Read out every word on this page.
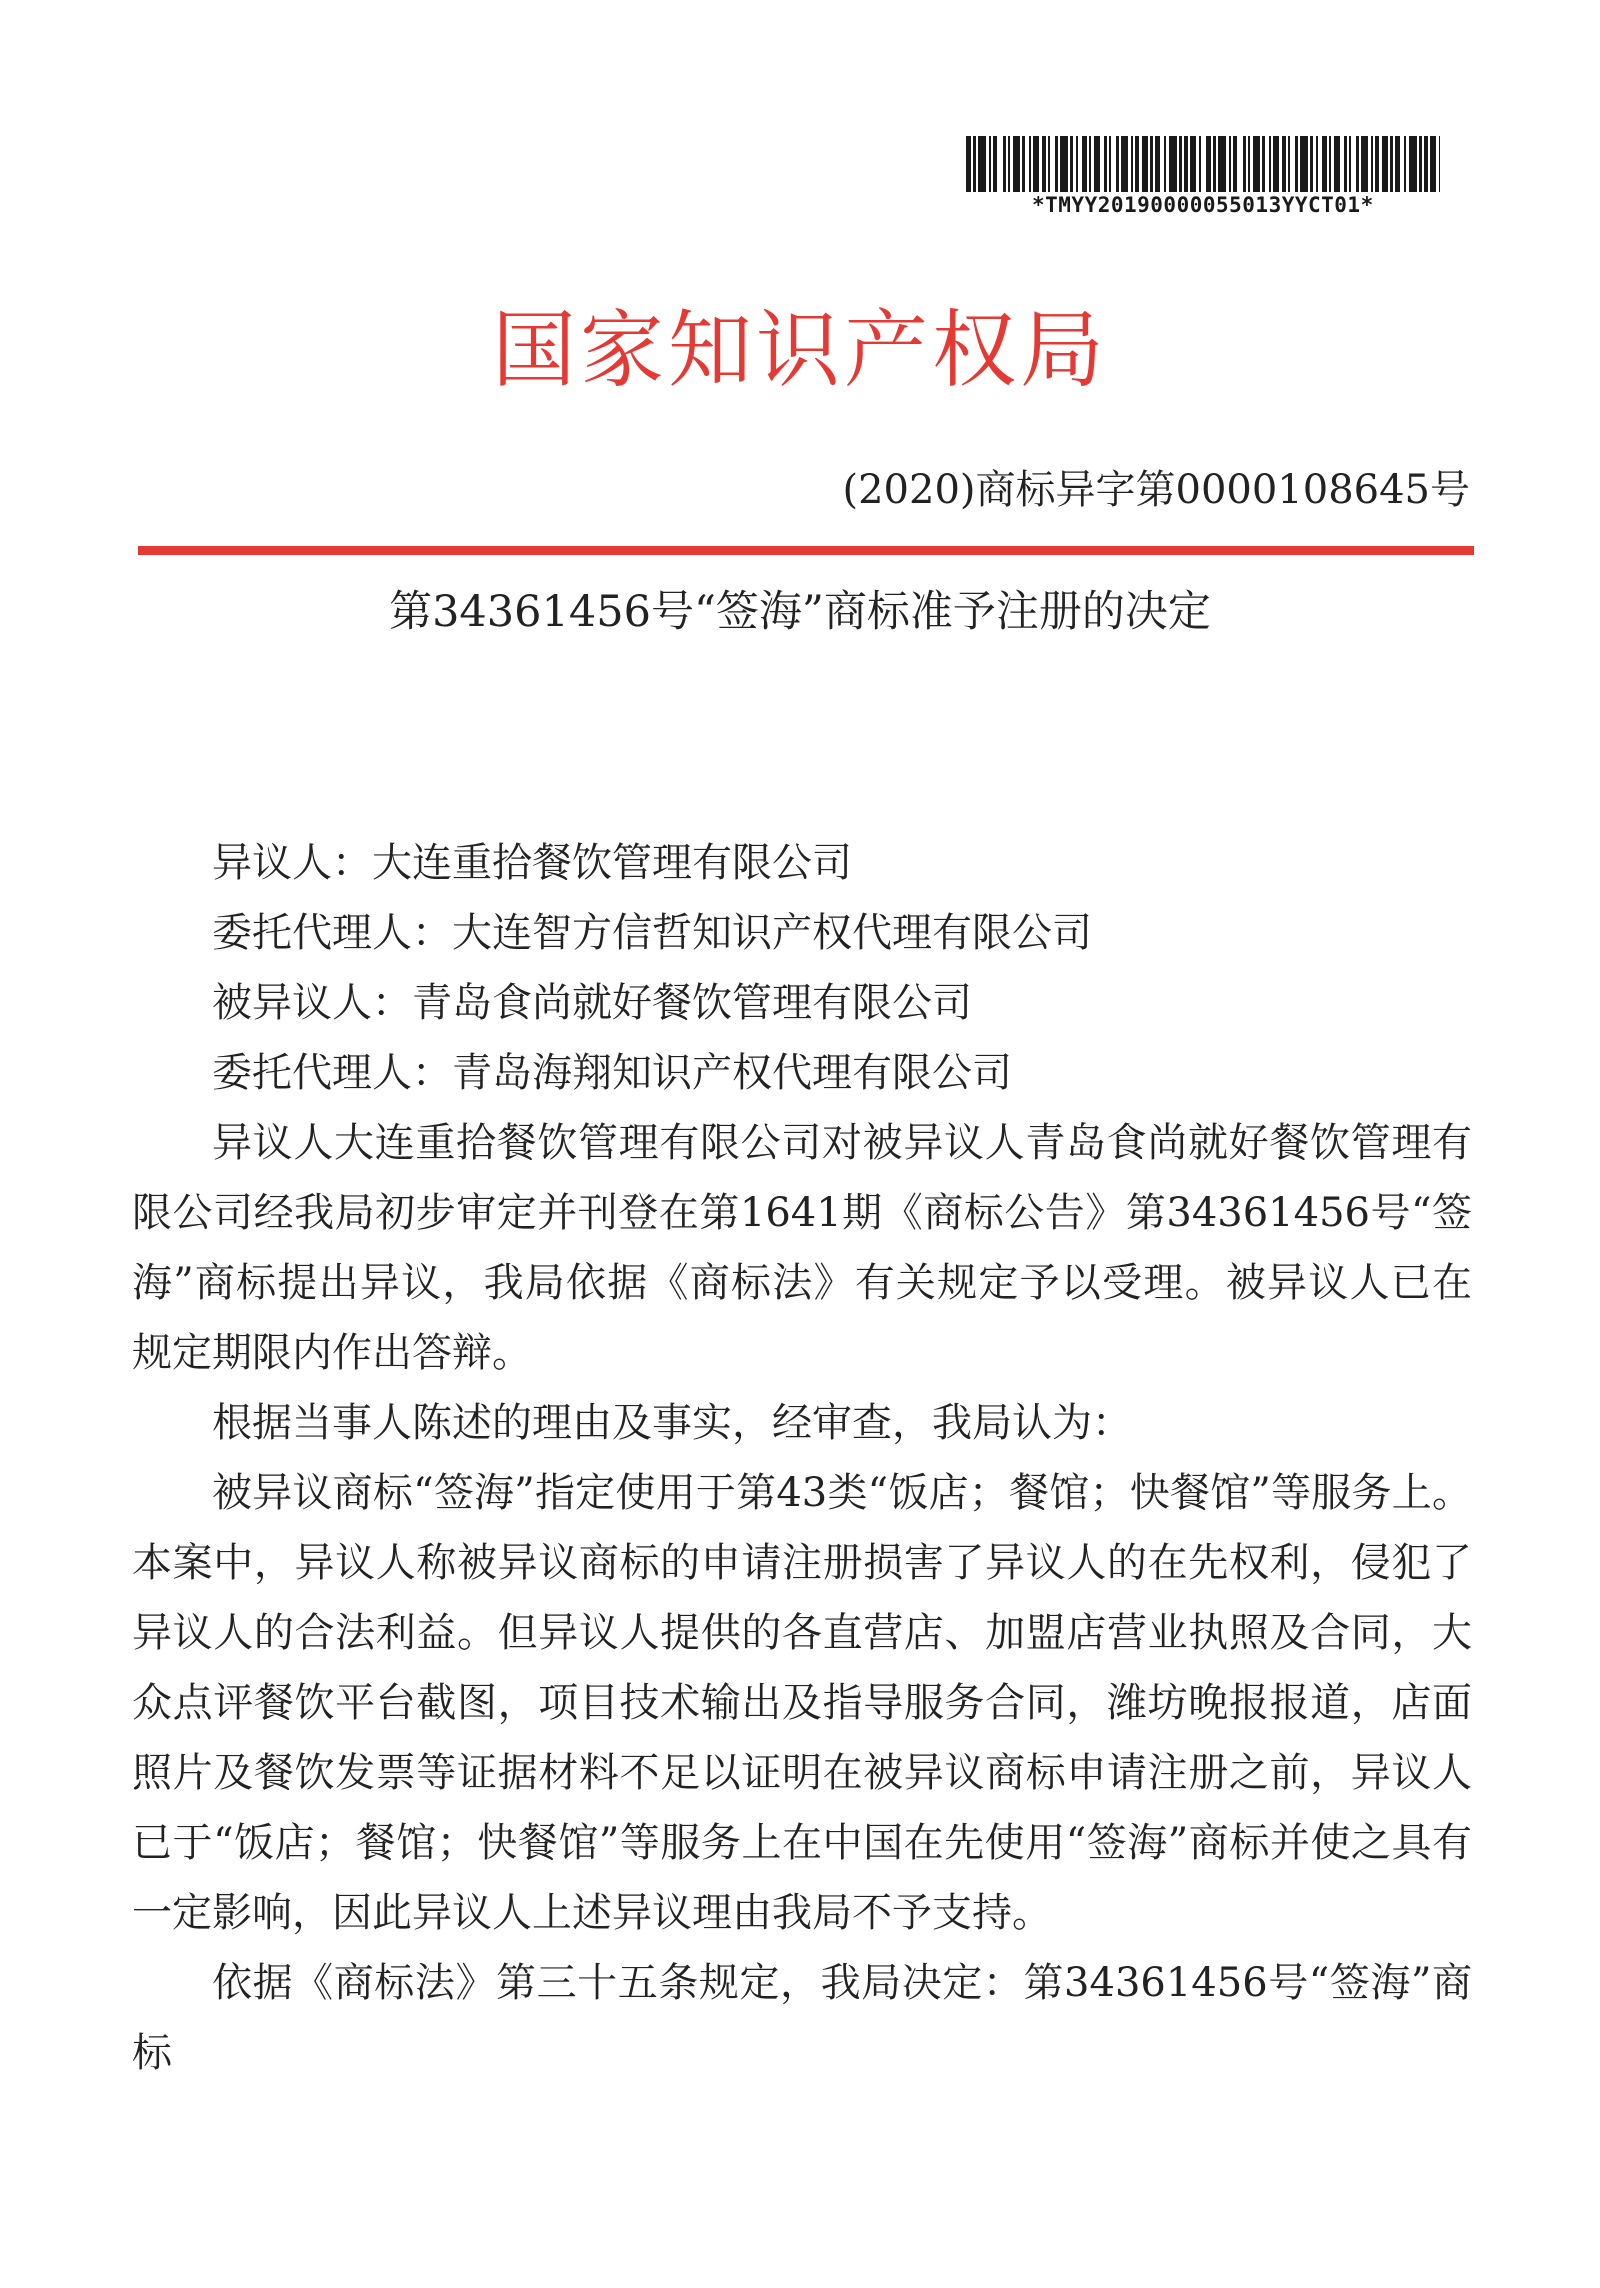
*TMYY20190000055013YYCT01*
国家知识产权局
(2020)商标异字第0000108645号
第34361456号“签海”商标准予注册的决定

异议人：大连重拾餐饮管理有限公司

委托代理人：大连智方信哲知识产权代理有限公司

被异议人：青岛食尚就好餐饮管理有限公司

委托代理人：青岛海翔知识产权代理有限公司

异议人大连重拾餐饮管理有限公司对被异议人青岛食尚就好餐饮管理有限公司经我局初步审定并刊登在第1641期《商标公告》第34361456号“签海”商标提出异议，我局依据《商标法》有关规定予以受理。被异议人已在规定期限内作出答辩。

根据当事人陈述的理由及事实，经审查，我局认为：

被异议商标“签海”指定使用于第43类“饭店；餐馆；快餐馆”等服务上。本案中，异议人称被异议商标的申请注册损害了异议人的在先权利，侵犯了异议人的合法利益。但异议人提供的各直营店、加盟店营业执照及合同，大众点评餐饮平台截图，项目技术输出及指导服务合同，潍坊晚报报道，店面照片及餐饮发票等证据材料不足以证明在被异议商标申请注册之前，异议人已于“饭店；餐馆；快餐馆”等服务上在中国在先使用“签海”商标并使之具有一定影响，因此异议人上述异议理由我局不予支持。

依据《商标法》第三十五条规定，我局决定：第34361456号“签海”商标
